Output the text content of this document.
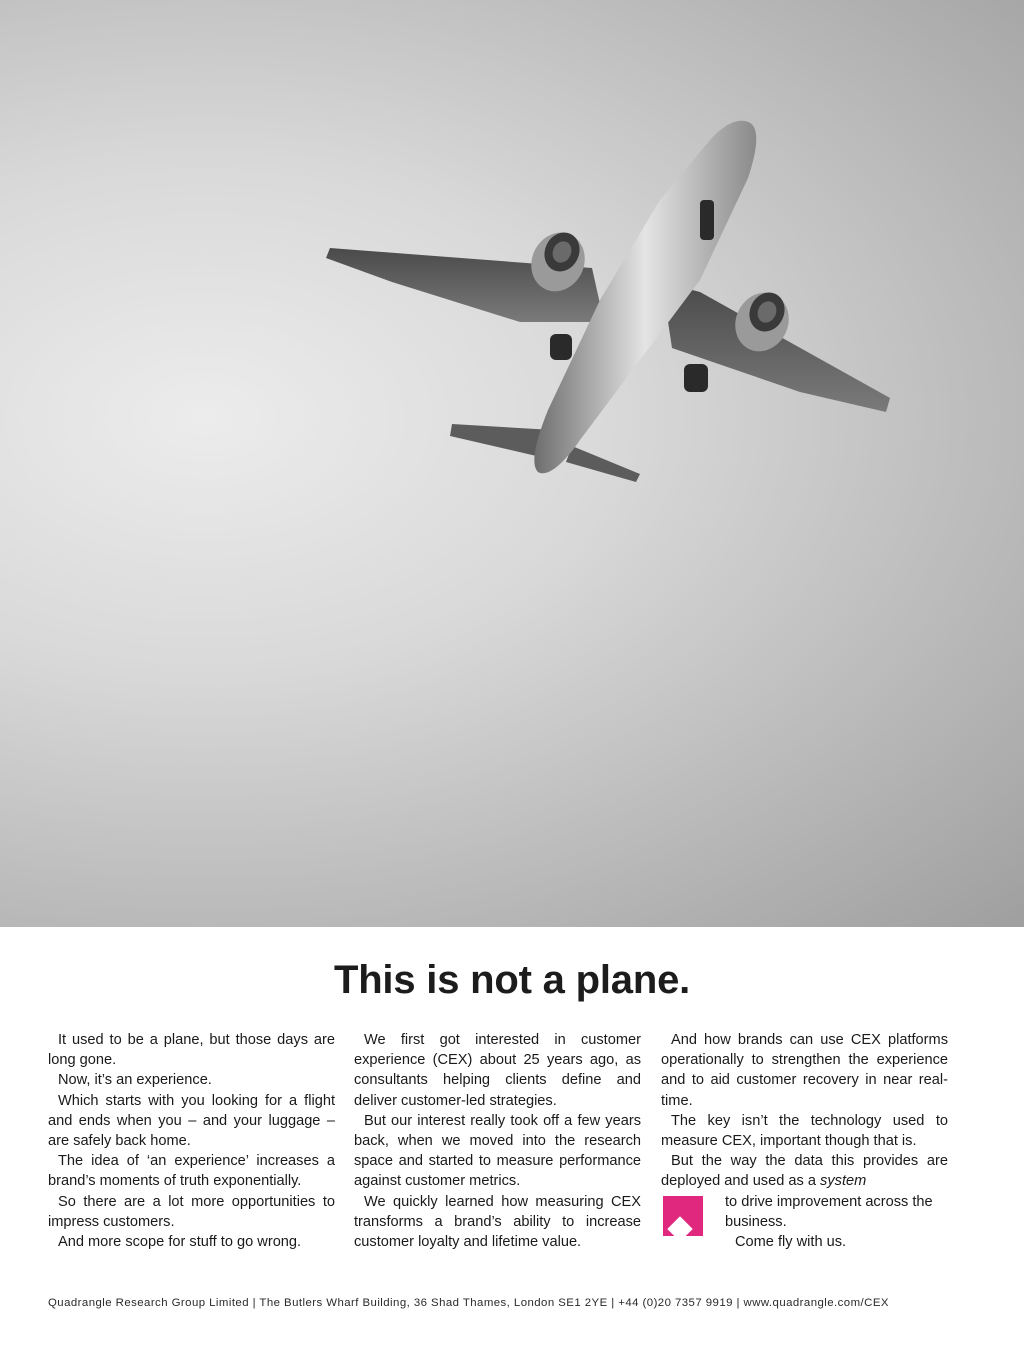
This is not a plane.

It used to be a plane, but those days are long gone.

Now, it’s an experience.

Which starts with you looking for a flight and ends when you – and your luggage – are safely back home.

The idea of ‘an experience’ increases a brand’s moments of truth exponentially.

So there are a lot more opportunities to impress customers.

And more scope for stuff to go wrong.

We first got interested in customer experience (CEX) about 25 years ago, as consultants helping clients define and deliver customer-led strategies.

But our interest really took off a few years back, when we moved into the research space and started to measure performance against customer metrics.

We quickly learned how measuring CEX transforms a brand’s ability to increase customer loyalty and lifetime value.

And how brands can use CEX platforms operationally to strengthen the experience and to aid customer recovery in near real-time.

The key isn’t the technology used to measure CEX, important though that is.

But the way the data this provides are deployed and used as a system

to drive improvement across the business.

Come fly with us.

Quadrangle Research Group Limited | The Butlers Wharf Building, 36 Shad Thames, London SE1 2YE | +44 (0)20 7357 9919 | www.quadrangle.com/CEX
